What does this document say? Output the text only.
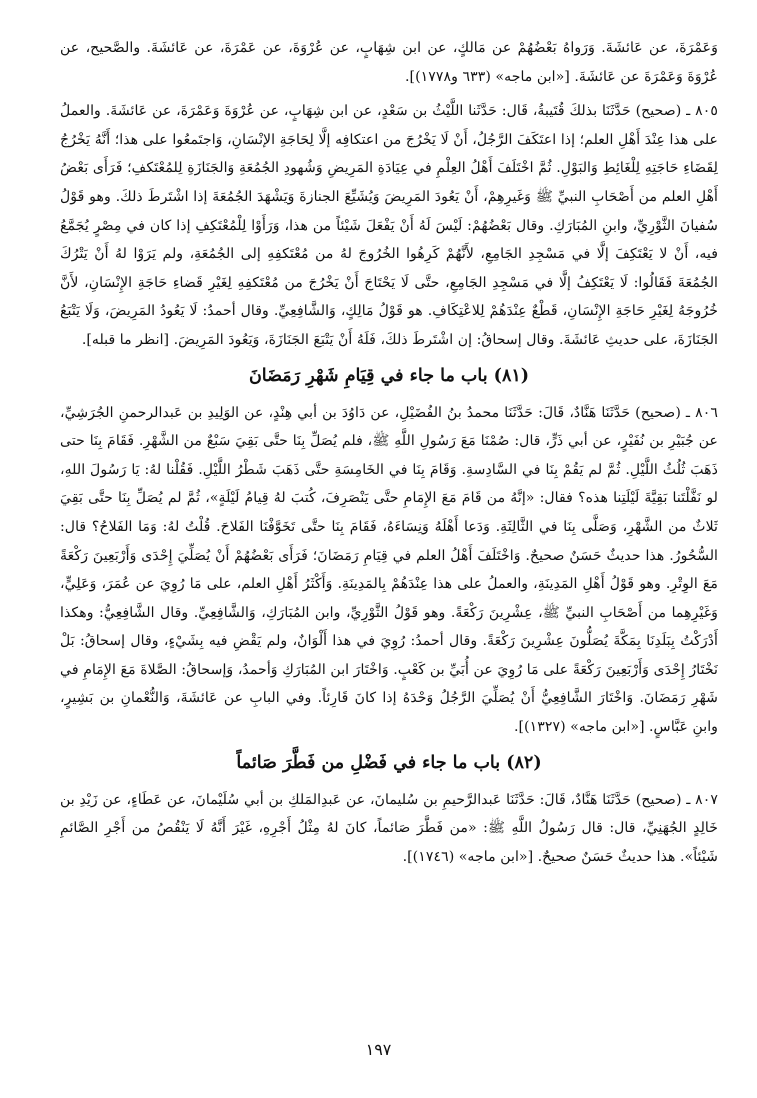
وَعَمْرَةَ، عن عَائشَةَ. وَرَواهُ بَعْضُهُمْ عن مَالكٍ، عن ابن شِهَابٍ، عن عُرْوَةَ، عن عَمْرَةَ، عن عَائشَةَ. والصَّحيح، عن عُرْوَةَ وَعَمْرَةَ عن عَائشَةَ. [«ابن ماجه» (٦٣٣ و١٧٧٨)].

٨٠٥ ـ (صحيح) حَدَّثَنَا بذلكَ قُتَيبةُ، قَال: حَدَّثَنا اللَّيْثُ بن سَعْدٍ، عن ابن شِهَابٍ، عن عُرْوَةَ وَعَمْرَةَ، عن عَائشَةَ. والعملُ على هذا عِنْدَ أَهْلِ العلم؛ إذا اعتَكَفَ الرَّجُلُ، أَنْ لَا يَخْرُجَ من اعتكافِه إلَّا لِحَاجَةِ الإنْسَانِ، وَاجتَمعُوا على هذا؛ أَنَّهُ يَخْرُجُ لِقَضَاءِ حَاجَتِهِ لِلْغَائِطِ وَالبَوْلِ. ثُمَّ اخْتَلَفَ أَهْلُ العِلْمِ في عِيَادَةِ المَرِيضِ وَشُهودِ الجُمُعَةِ وَالجَنَازَةِ لِلمُعْتَكفِ؛ فَرَأَى بَعْضُ أَهْلِ العلم من أَصْحَابِ النبيِّ ﷺ وَغَيرِهِمْ، أَنْ يَعُودَ المَرِيضَ وَيُشَيِّعَ الجنازةَ وَيَشْهَدَ الجُمُعَةَ إذا اشْتَرطَ ذلكَ. وهو قَوْلُ سُفيانَ الثَّوْرِيِّ، وابنِ المُبَارَكِ. وقال بَعْضُهُمْ: لَيْسَ لَهُ أَنْ يَفْعَلَ شَيْئاً من هذا، وَرَأَوْا لِلْمُعْتَكِفِ إذا كان في مِصْرٍ يُجَمَّعُ فيه، أَنْ لا يَعْتَكِفَ إلَّا في مَسْجِدِ الجَامِعِ، لأَنَّهُمْ كَرِهُوا الخُرُوجَ لهُ من مُعْتَكفِهِ إلى الجُمُعَةِ، ولم يَرَوْا لهُ أَنْ يَتْرُكَ الجُمُعَةَ فَقَالُوا: لَا يَعْتَكِفُ إلَّا في مَسْجِدِ الجَامِعِ، حتَّى لَا يَحْتَاجَ أَنْ يَخْرُجَ من مُعْتَكفِهِ لِغَيْرِ قَضاءِ حَاجَةِ الإِنْسَانِ، لأَنَّ خُرُوجَهُ لِغَيْرِ حَاجَةِ الإِنْسَانِ، قَطْعٌ عِنْدَهُمْ لِلاعْتِكَافِ. هو قَوْلُ مَالِكٍ، وَالشَّافِعِيِّ. وقال أحمدُ: لَا يَعُودُ المَرِيضَ، وَلَا يَتْبَعُ الجَنَازَةَ، على حديثِ عَائشَةَ. وقال إسحاقُ: إن اشْتَرطَ ذلكَ، فَلَهُ أَنْ يَتْبَعَ الجَنَازَةَ، وَيَعُودَ المَرِيضَ. [انظر ما قبله].

(٨١) باب ما جاء في قِيَامِ شَهْرِ رَمَضَانَ

٨٠٦ ـ (صحيح) حَدَّثَنَا هَنَّادٌ، قَالَ: حَدَّثَنَا محمدُ بنُ الفُضَيْلِ، عن دَاوُدَ بن أبي هِنْدٍ، عن الوَلِيدِ بن عَبدالرحمنِ الجُرَشِيِّ، عن جُبَيْرِ بن نُفَيْرٍ، عن أبي ذَرٍّ، قال: صُمْنَا مَعَ رَسُولِ اللَّهِ ﷺ، فلم يُصَلِّ بِنَا حتَّى بَقِيَ سَبْعٌ من الشَّهْرِ. فَقَامَ بِنَا حتى ذَهَبَ ثُلُثُ اللَّيْلِ. ثُمَّ لم يَقُمْ بِنَا في السَّادِسةِ. وَقَامَ بِنَا في الخَامِسَةِ حتَّى ذَهَبَ شَطْرُ اللَّيْلِ. فَقُلْنا لهُ: يَا رَسُولَ اللهِ، لو نَفَّلْتَنا بَقِيَّةَ لَيْلَتِنا هذه؟ فقال: «إنَّهُ من قَامَ مَعَ الإِمَامِ حتَّى يَنْصَرِفَ، كُتبَ لهُ قِيامُ لَيْلَةٍ»، ثُمَّ لم يُصَلِّ بِنَا حتَّى بَقِيَ ثَلاثٌ من الشَّهْرِ، وَصَلَّى بِنَا في الثَّالِثَةِ. وَدَعا أَهْلَهُ وَنِسَاءَهُ، فَقَامَ بِنَا حتَّى تَخَوَّفْنَا الفَلاحَ. قُلْتُ لهُ: وَمَا الفَلاحُ؟ قال: السُّحُورُ. هذا حديثٌ حَسَنٌ صحيحٌ. وَاخْتَلَفَ أَهْلُ العلم في قِيَامِ رَمَضَانَ؛ فَرَأَى بَعْضُهُمْ أَنْ يُصَلِّيَ إِحْدَى وَأَرْبَعِينَ رَكْعَةً مَعَ الوِتْرِ. وهو قَوْلُ أَهْلِ المَدِينَةِ، والعملُ على هذا عِنْدَهُمْ بِالمَدِينَةِ. وَأَكْثَرُ أَهْلِ العلم، على مَا رُوِيَ عن عُمَرَ، وَعَلِيٍّ، وَغَيْرِهِما من أَصْحَابِ النبيِّ ﷺ، عِشْرِينَ رَكْعَةً. وهو قَوْلُ الثَّوْرِيِّ، وابن المُبَارَكِ، وَالشَّافِعِيِّ. وقال الشَّافِعِيُّ: وهكذا أَدْرَكْتُ بِبَلَدِنَا بِمَكَّةَ يُصَلُّونَ عِشْرِينَ رَكْعَةً. وقال أحمدُ: رُوِيَ في هذا أَلْوَانٌ، ولم يَقْضِ فيه بِشَيْءٍ، وقال إسحاقُ: بَلْ نَخْتَارُ إِحْدَى وَأَرْبَعِينَ رَكْعَةً على مَا رُوِيَ عن أُبَيِّ بن كَعْبٍ. وَاخْتَارَ ابن المُبَارَكِ وَأحمدُ، وَإسحاقُ: الصَّلاةَ مَعَ الإِمَامِ في شَهْرِ رَمَضَانَ. وَاخْتَارَ الشَّافِعِيُّ أَنْ يُصَلِّيَ الرَّجُلُ وَحْدَهُ إذا كانَ قَارِئاً. وفي البابِ عن عَائشَةَ، وَالنُّعْمانِ بن بَشِيرٍ، وابنِ عَبَّاسٍ. [«ابن ماجه» (١٣٢٧)].

(٨٢) باب ما جاء في فَضْلِ من فَطَّرَ صَائماً

٨٠٧ ـ (صحيح) حَدَّثَنَا هَنَّادٌ، قَالَ: حَدَّثَنَا عَبدالرَّحيمِ بن سُليمانَ، عن عَبدِالمَلكِ بن أبي سُلَيْمانَ، عن عَطَاءٍ، عن زَيْدِ بن خَالِدٍ الجُهَنِيِّ، قال: قال رَسُولُ اللَّهِ ﷺ: «من فَطَّرَ صَائماً، كانَ لهُ مِثْلُ أَجْرِهِ، غَيْرَ أَنَّهُ لَا يَنْقُصُ من أَجْرِ الصَّائمِ شَيْئاً». هذا حديثٌ حَسَنٌ صحيحٌ. [«ابن ماجه» (١٧٤٦)].

١٩٧
